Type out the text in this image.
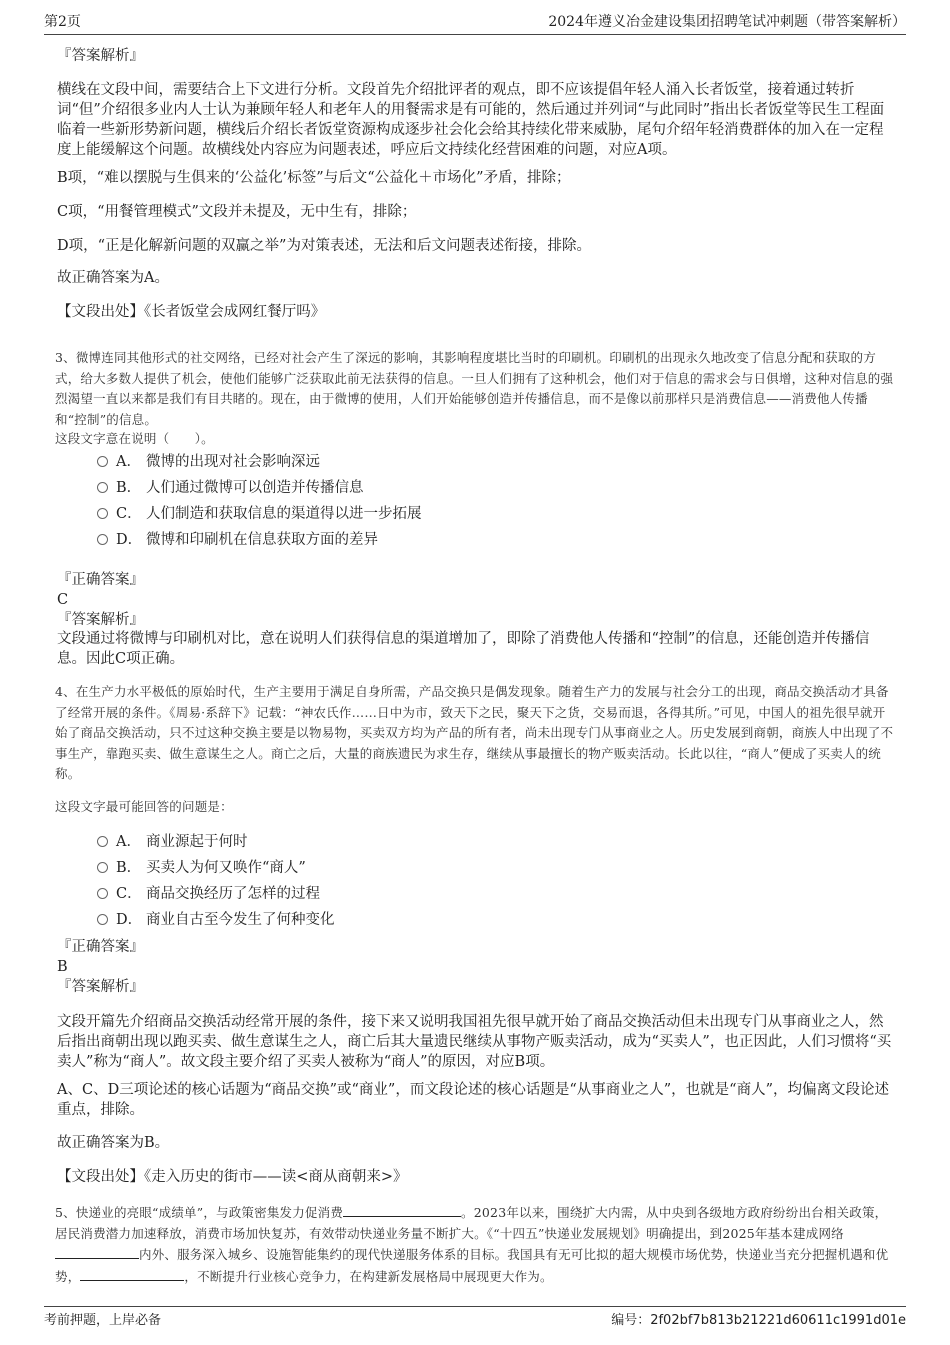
第2页	2024年遵义冶金建设集团招聘笔试冲刺题（带答案解析）
『答案解析』
横线在文段中间，需要结合上下文进行分析。文段首先介绍批评者的观点，即不应该提倡年轻人涌入长者饭堂，接着通过转折词“但”介绍很多业内人士认为兼顾年轻人和老年人的用餐需求是有可能的，然后通过并列词“与此同时”指出长者饭堂等民生工程面临着一些新形势新问题，横线后介绍长者饭堂资源构成逐步社会化会给其持续化带来威胁，尾句介绍年轻消费群体的加入在一定程度上能缓解这个问题。故横线处内容应为问题表述，呼应后文持续化经营困难的问题，对应A项。
B项，“难以摆脱与生俱来的‘公益化’标签”与后文“公益化＋市场化”矛盾，排除；
C项，“用餐管理模式”文段并未提及，无中生有，排除；
D项，“正是化解新问题的双赢之举”为对策表述，无法和后文问题表述衔接，排除。
故正确答案为A。
【文段出处】《长者饭堂会成网红餐厅吗》
3、微博连同其他形式的社交网络，已经对社会产生了深远的影响，其影响程度堪比当时的印刷机。印刷机的出现永久地改变了信息分配和获取的方式，给大多数人提供了机会，使他们能够广泛获取此前无法获得的信息。一旦人们拥有了这种机会，他们对于信息的需求会与日俱增，这种对信息的强烈渴望一直以来都是我们有目共睹的。现在，由于微博的使用，人们开始能够创造并传播信息，而不是像以前那样只是消费信息——消费他人传播和“控制”的信息。
这段文字意在说明（　　）。
A． 微博的出现对社会影响深远
B． 人们通过微博可以创造并传播信息
C． 人们制造和获取信息的渠道得以进一步拓展
D． 微博和印刷机在信息获取方面的差异
『正确答案』
C
『答案解析』
文段通过将微博与印刷机对比，意在说明人们获得信息的渠道增加了，即除了消费他人传播和“控制”的信息，还能创造并传播信息。因此C项正确。
4、在生产力水平极低的原始时代，生产主要用于满足自身所需，产品交换只是偶发现象。随着生产力的发展与社会分工的出现，商品交换活动才具备了经常开展的条件。《周易·系辞下》记载：“神农氏作……日中为市，致天下之民，聚天下之货，交易而退，各得其所。”可见，中国人的祖先很早就开始了商品交换活动，只不过这种交换主要是以物易物，买卖双方均为产品的所有者，尚未出现专门从事商业之人。历史发展到商朝，商族人中出现了不事生产，靠跑买卖、做生意谋生之人。商亡之后，大量的商族遗民为求生存，继续从事最擅长的物产贩卖活动。长此以往，“商人”便成了买卖人的统称。
这段文字最可能回答的问题是：
A． 商业源起于何时
B． 买卖人为何又唤作“商人”
C． 商品交换经历了怎样的过程
D． 商业自古至今发生了何种变化
『正确答案』
B
『答案解析』
文段开篇先介绍商品交换活动经常开展的条件，接下来又说明我国祖先很早就开始了商品交换活动但未出现专门从事商业之人，然后指出商朝出现以跑买卖、做生意谋生之人，商亡后其大量遗民继续从事物产贩卖活动，成为“买卖人”，也正因此，人们习惯将“买卖人”称为“商人”。故文段主要介绍了买卖人被称为“商人”的原因，对应B项。
A、C、D三项论述的核心话题为“商品交换”或“商业”，而文段论述的核心话题是“从事商业之人”，也就是“商人”，均偏离文段论述重点，排除。
故正确答案为B。
【文段出处】《走入历史的街市——读<商从商朝来>》
5、快递业的亮眼“成绩单”，与政策密集发力促消费	。2023年以来，围绕扩大内需，从中央到各级地方政府纷纷出台相关政策，居民消费潜力加速释放，消费市场加快复苏，有效带动快递业务量不断扩大。《“十四五”快递业发展规划》明确提出，到2025年基本建成网络内外、服务深入城乡、设施智能集约的现代快递服务体系的目标。我国具有无可比拟的超大规模市场优势，快递业当充分把握机遇和优势，	，不断提升行业核心竞争力，在构建新发展格局中展现更大作为。
考前押题，上岸必备	编号：2f02bf7b813b21221d60611c1991d01e
